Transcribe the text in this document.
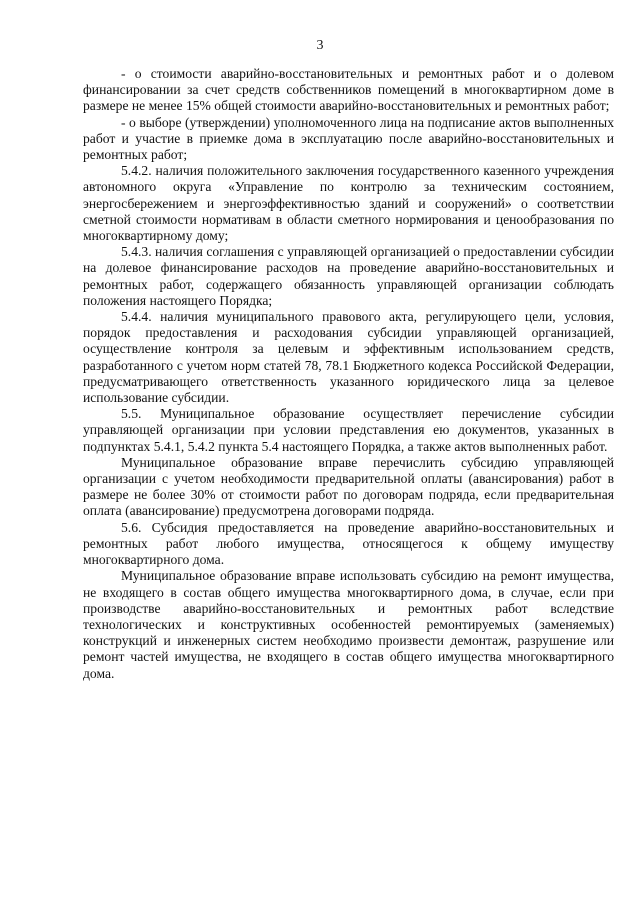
3

- о стоимости аварийно-восстановительных и ремонтных работ и о долевом финансировании за счет средств собственников помещений в многоквартирном доме в размере не менее 15% общей стоимости аварийно-восстановительных и ремонтных работ;

- о выборе (утверждении) уполномоченного лица на подписание актов выполненных работ и участие в приемке дома в эксплуатацию после аварийно-восстановительных и ремонтных работ;

5.4.2. наличия положительного заключения государственного казенного учреждения автономного округа «Управление по контролю за техническим состоянием, энергосбережением и энергоэффективностью зданий и сооружений» о соответствии сметной стоимости нормативам в области сметного нормирования и ценообразования по многоквартирному дому;

5.4.3. наличия соглашения с управляющей организацией о предоставлении субсидии на долевое финансирование расходов на проведение аварийно-восстановительных и ремонтных работ, содержащего обязанность управляющей организации соблюдать положения настоящего Порядка;

5.4.4. наличия муниципального правового акта, регулирующего цели, условия, порядок предоставления и расходования субсидии управляющей организацией, осуществление контроля за целевым и эффективным использованием средств, разработанного с учетом норм статей 78, 78.1 Бюджетного кодекса Российской Федерации, предусматривающего ответственность указанного юридического лица за целевое использование субсидии.

5.5. Муниципальное образование осуществляет перечисление субсидии управляющей организации при условии представления ею документов, указанных в подпунктах 5.4.1, 5.4.2 пункта 5.4 настоящего Порядка, а также актов выполненных работ.

Муниципальное образование вправе перечислить субсидию управляющей организации с учетом необходимости предварительной оплаты (авансирования) работ в размере не более 30% от стоимости работ по договорам подряда, если предварительная оплата (авансирование) предусмотрена договорами подряда.

5.6. Субсидия предоставляется на проведение аварийно-восстановительных и ремонтных работ любого имущества, относящегося к общему имуществу многоквартирного дома.

Муниципальное образование вправе использовать субсидию на ремонт имущества, не входящего в состав общего имущества многоквартирного дома, в случае, если при производстве аварийно-восстановительных и ремонтных работ вследствие технологических и конструктивных особенностей ремонтируемых (заменяемых) конструкций и инженерных систем необходимо произвести демонтаж, разрушение или ремонт частей имущества, не входящего в состав общего имущества многоквартирного дома.
